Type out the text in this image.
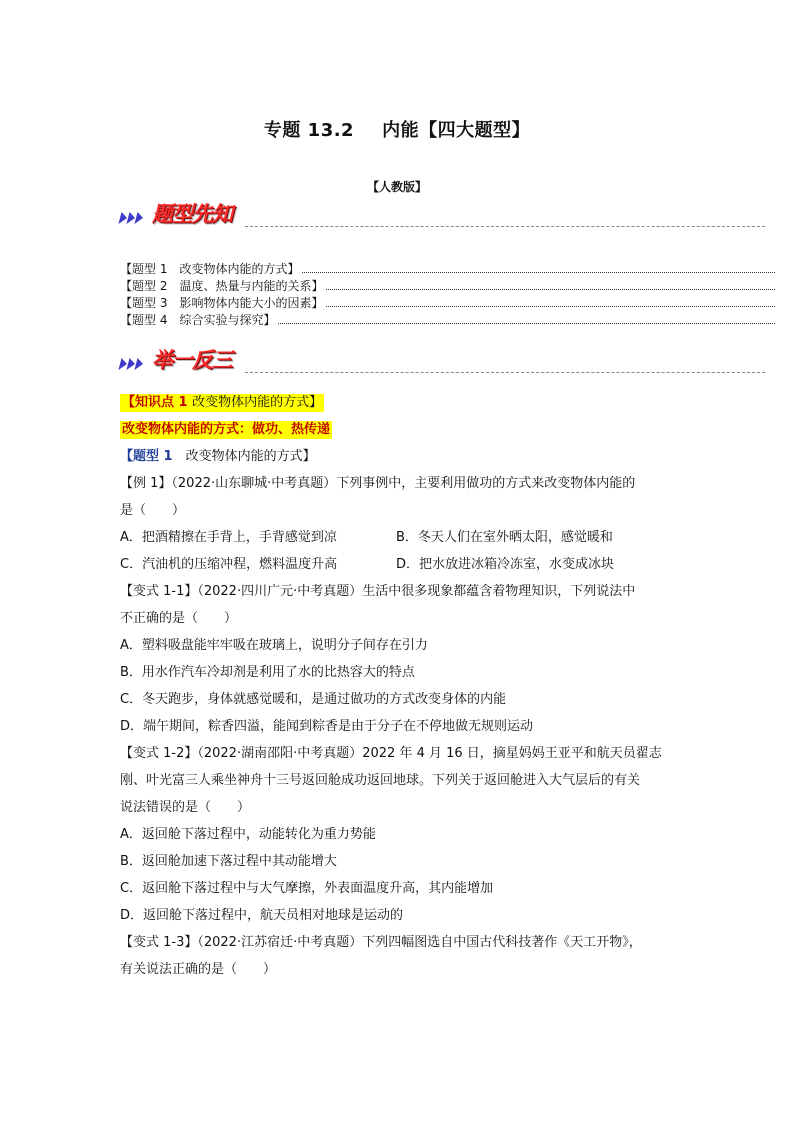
专题 13.2 内能【四大题型】
【人教版】
题型先知
【题型 1　改变物体内能的方式】
【题型 2　温度、热量与内能的关系】
【题型 3　影响物体内能大小的因素】
【题型 4　综合实验与探究】
举一反三
【知识点 1 改变物体内能的方式】
改变物体内能的方式：做功、热传递
【题型 1　 改变物体内能的方式】
【例 1】（2022·山东聊城·中考真题）下列事例中，主要利用做功的方式来改变物体内能的
是（　　）
A．把酒精擦在手背上，手背感觉到凉	B．冬天人们在室外晒太阳，感觉暖和
C．汽油机的压缩冲程，燃料温度升高	D．把水放进冰箱冷冻室，水变成冰块
【变式 1-1】（2022·四川广元·中考真题）生活中很多现象都蕴含着物理知识，下列说法中
不正确的是（　　）
A．塑料吸盘能牢牢吸在玻璃上，说明分子间存在引力
B．用水作汽车冷却剂是利用了水的比热容大的特点
C．冬天跑步，身体就感觉暖和，是通过做功的方式改变身体的内能
D．端午期间，粽香四溢，能闻到粽香是由于分子在不停地做无规则运动
【变式 1-2】（2022·湖南邵阳·中考真题）2022 年 4 月 16 日，摘星妈妈王亚平和航天员翟志
刚、叶光富三人乘坐神舟十三号返回舱成功返回地球。下列关于返回舱进入大气层后的有关
说法错误的是（　　）
A．返回舱下落过程中，动能转化为重力势能
B．返回舱加速下落过程中其动能增大
C．返回舱下落过程中与大气摩擦，外表面温度升高，其内能增加
D．返回舱下落过程中，航天员相对地球是运动的
【变式 1-3】（2022·江苏宿迁·中考真题）下列四幅图选自中国古代科技著作《天工开物》，
有关说法正确的是（　　）
